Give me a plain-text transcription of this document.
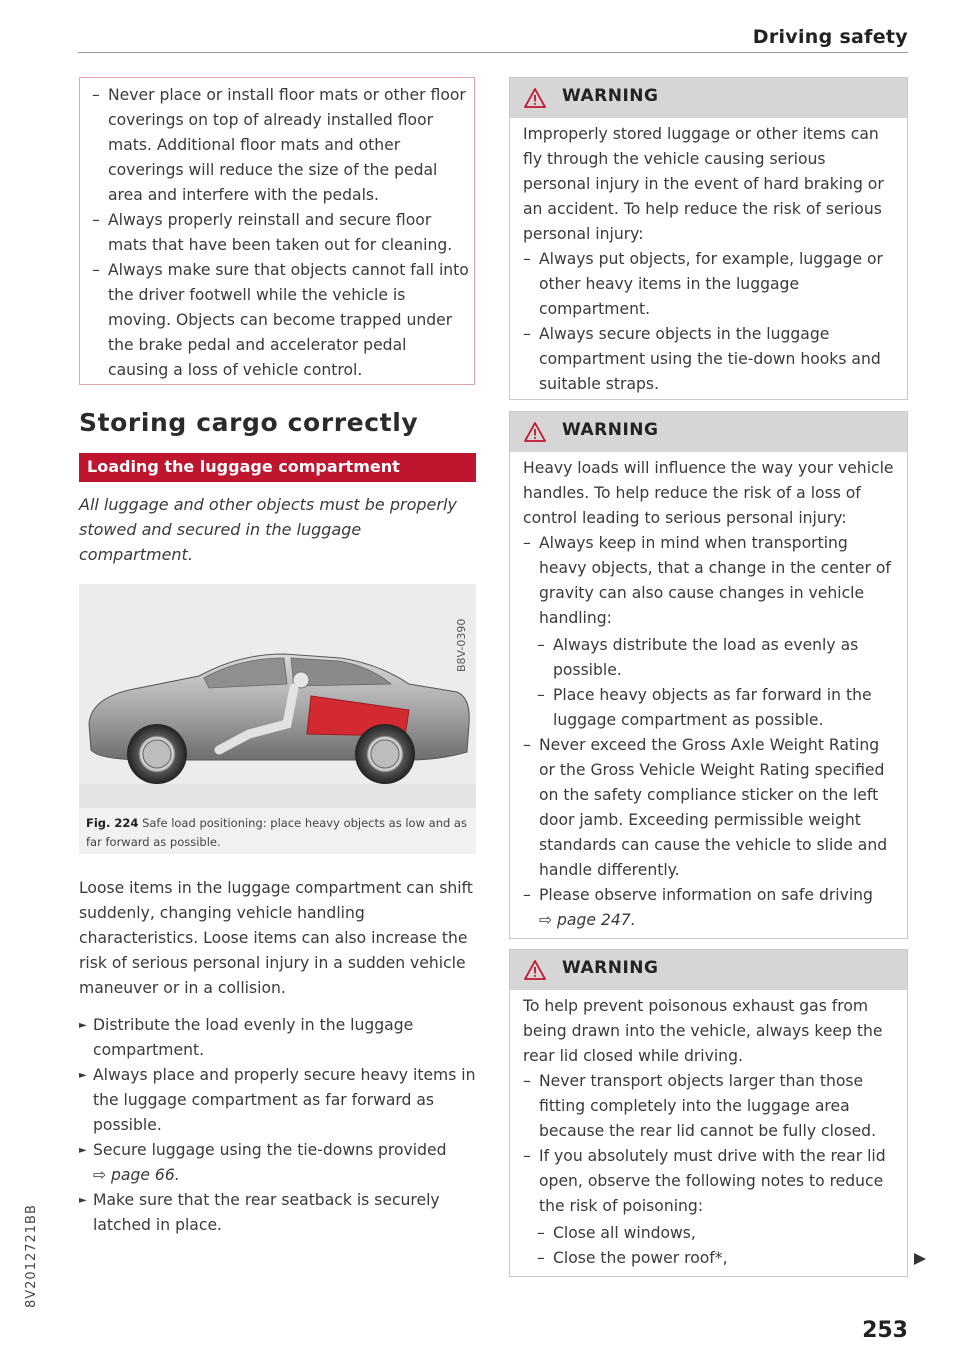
Driving safety
8V2012721BB
– Never place or install floor mats or other floor coverings on top of already installed floor mats. Additional floor mats and other coverings will reduce the size of the pedal area and interfere with the pedals.
– Always properly reinstall and secure floor mats that have been taken out for cleaning.
– Always make sure that objects cannot fall into the driver footwell while the vehicle is moving. Objects can become trapped under the brake pedal and accelerator pedal causing a loss of vehicle control.
Storing cargo correctly
Loading the luggage compartment
All luggage and other objects must be properly stowed and secured in the luggage compartment.
B8V-0390
Fig. 224 Safe load positioning: place heavy objects as low and as far forward as possible.
Loose items in the luggage compartment can shift suddenly, changing vehicle handling characteristics. Loose items can also increase the risk of serious personal injury in a sudden vehicle maneuver or in a collision.
► Distribute the load evenly in the luggage compartment.
► Always place and properly secure heavy items in the luggage compartment as far forward as possible.
► Secure luggage using the tie-downs provided
⇨ page 66.
► Make sure that the rear seatback is securely latched in place.
WARNING
Improperly stored luggage or other items can fly through the vehicle causing serious personal injury in the event of hard braking or an accident. To help reduce the risk of serious personal injury:
– Always put objects, for example, luggage or other heavy items in the luggage compartment.
– Always secure objects in the luggage compartment using the tie-down hooks and suitable straps.
WARNING
Heavy loads will influence the way your vehicle handles. To help reduce the risk of a loss of control leading to serious personal injury:
– Always keep in mind when transporting heavy objects, that a change in the center of gravity can also cause changes in vehicle handling:
– Always distribute the load as evenly as possible.
– Place heavy objects as far forward in the luggage compartment as possible.
– Never exceed the Gross Axle Weight Rating or the Gross Vehicle Weight Rating specified on the safety compliance sticker on the left door jamb. Exceeding permissible weight standards can cause the vehicle to slide and handle differently.
– Please observe information on safe driving
⇨ page 247.
WARNING
To help prevent poisonous exhaust gas from being drawn into the vehicle, always keep the rear lid closed while driving.
– Never transport objects larger than those fitting completely into the luggage area because the rear lid cannot be fully closed.
– If you absolutely must drive with the rear lid open, observe the following notes to reduce the risk of poisoning:
– Close all windows,
– Close the power roof*,
253
